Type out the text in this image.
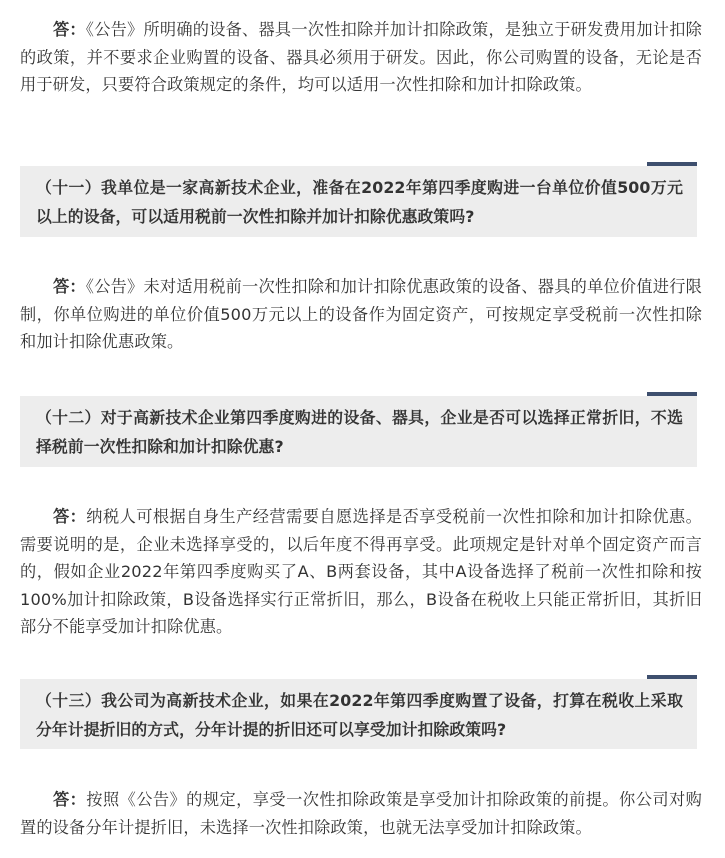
答：《公告》所明确的设备、器具一次性扣除并加计扣除政策，是独立于研发费用加计扣除的政策，并不要求企业购置的设备、器具必须用于研发。因此，你公司购置的设备，无论是否用于研发，只要符合政策规定的条件，均可以适用一次性扣除和加计扣除政策。

（十一）我单位是一家高新技术企业，准备在2022年第四季度购进一台单位价值500万元以上的设备，可以适用税前一次性扣除并加计扣除优惠政策吗?

答：《公告》未对适用税前一次性扣除和加计扣除优惠政策的设备、器具的单位价值进行限制，你单位购进的单位价值500万元以上的设备作为固定资产，可按规定享受税前一次性扣除和加计扣除优惠政策。

（十二）对于高新技术企业第四季度购进的设备、器具，企业是否可以选择正常折旧，不选择税前一次性扣除和加计扣除优惠?

答：纳税人可根据自身生产经营需要自愿选择是否享受税前一次性扣除和加计扣除优惠。需要说明的是，企业未选择享受的，以后年度不得再享受。此项规定是针对单个固定资产而言的，假如企业2022年第四季度购买了A、B两套设备，其中A设备选择了税前一次性扣除和按100%加计扣除政策，B设备选择实行正常折旧，那么，B设备在税收上只能正常折旧，其折旧部分不能享受加计扣除优惠。

（十三）我公司为高新技术企业，如果在2022年第四季度购置了设备，打算在税收上采取分年计提折旧的方式，分年计提的折旧还可以享受加计扣除政策吗?

答：按照《公告》的规定，享受一次性扣除政策是享受加计扣除政策的前提。你公司对购置的设备分年计提折旧，未选择一次性扣除政策，也就无法享受加计扣除政策。
